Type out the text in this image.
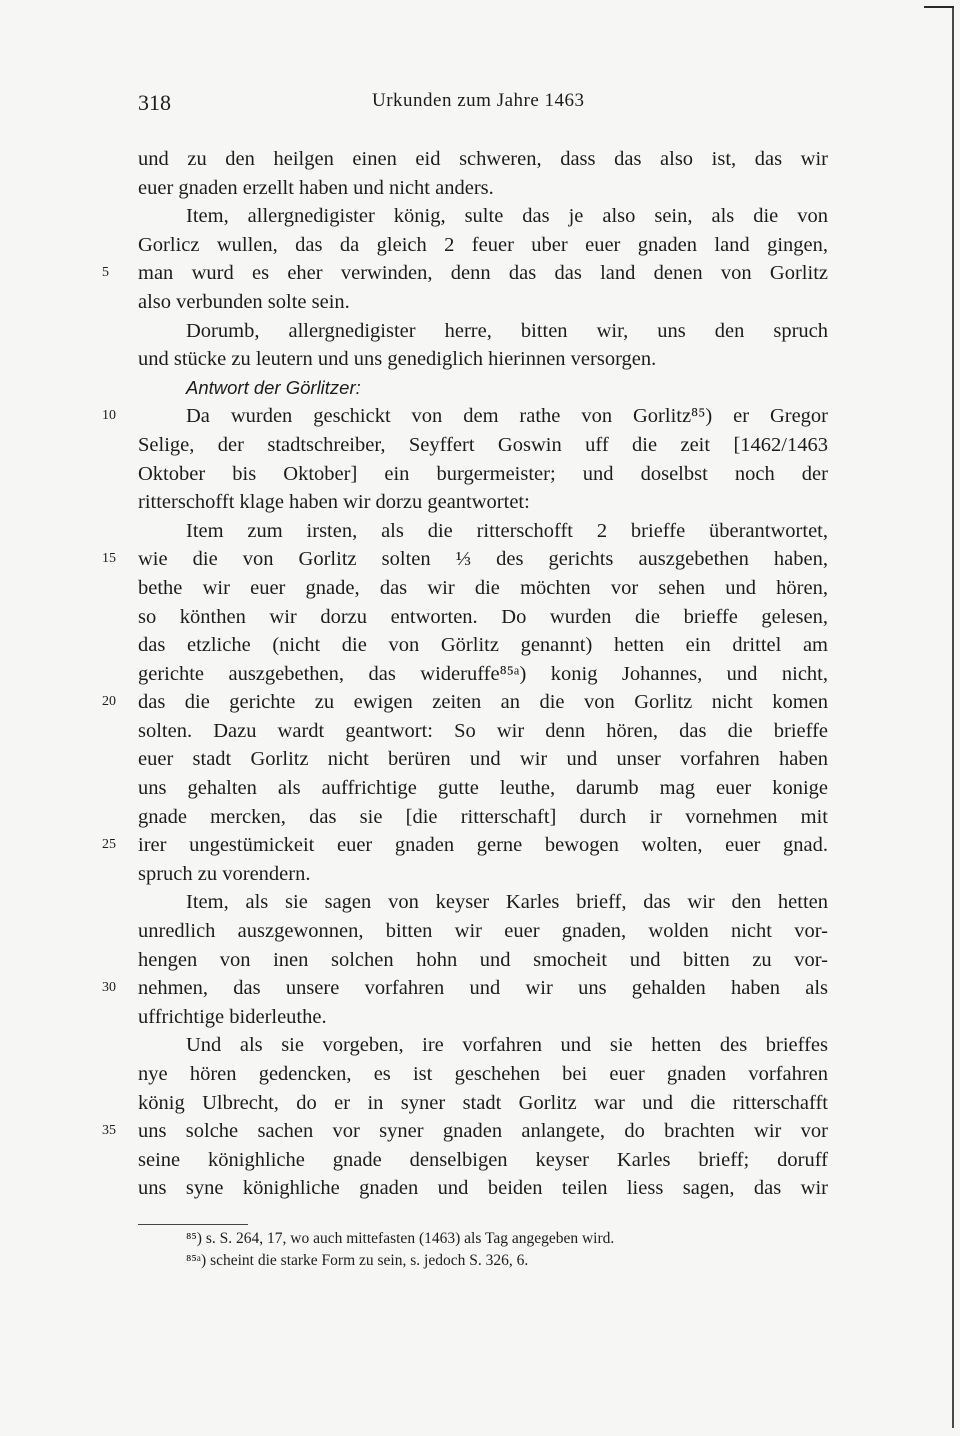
318	Urkunden zum Jahre 1463
und zu den heilgen einen eid schweren, dass das also ist, das wir
euer gnaden erzellt haben und nicht anders.
Item, allergnedigister könig, sulte das je also sein, als die von
Gorlicz wullen, das da gleich 2 feuer uber euer gnaden land gingen,
5	man wurd es eher verwinden, denn das das land denen von Gorlitz
also verbunden solte sein.
Dorumb, allergnedigister herre, bitten wir, uns den spruch
und stücke zu leutern und uns genediglich hierinnen versorgen.
Antwort der Görlitzer:
10	Da wurden geschickt von dem rathe von Gorlitz⁸⁵) er Gregor
Selige, der stadtschreiber, Seyffert Goswin uff die zeit [1462/1463
Oktober bis Oktober] ein burgermeister; und doselbst noch der
ritterschofft klage haben wir dorzu geantwortet:
Item zum irsten, als die ritterschofft 2 brieffe überantwortet,
15	wie die von Gorlitz solten ⅓ des gerichts auszgebethen haben,
bethe wir euer gnade, das wir die möchten vor sehen und hören,
so könthen wir dorzu entworten. Do wurden die brieffe gelesen,
das etzliche (nicht die von Görlitz genannt) hetten ein drittel am
gerichte auszgebethen, das wideruffe⁸⁵ᵃ) konig Johannes, und nicht,
20	das die gerichte zu ewigen zeiten an die von Gorlitz nicht komen
solten. Dazu wardt geantwort: So wir denn hören, das die brieffe
euer stadt Gorlitz nicht berüren und wir und unser vorfahren haben
uns gehalten als auffrichtige gutte leuthe, darumb mag euer konige
gnade mercken, das sie [die ritterschaft] durch ir vornehmen mit
25	irer ungestümickeit euer gnaden gerne bewogen wolten, euer gnad.
spruch zu vorendern.
Item, als sie sagen von keyser Karles brieff, das wir den hetten
unredlich auszgewonnen, bitten wir euer gnaden, wolden nicht vor-
hengen von inen solchen hohn und smocheit und bitten zu vor-
30	nehmen, das unsere vorfahren und wir uns gehalden haben als
uffrichtige biderleuthe.
Und als sie vorgeben, ire vorfahren und sie hetten des brieffes
nye hören gedencken, es ist geschehen bei euer gnaden vorfahren
könig Ulbrecht, do er in syner stadt Gorlitz war und die ritterschafft
35	uns solche sachen vor syner gnaden anlangete, do brachten wir vor
seine könighliche gnade denselbigen keyser Karles brieff; doruff
uns syne könighliche gnaden und beiden teilen liess sagen, das wir
⁸⁵) s. S. 264, 17, wo auch mittefasten (1463) als Tag angegeben wird.
⁸⁵ᵃ) scheint die starke Form zu sein, s. jedoch S. 326, 6.
